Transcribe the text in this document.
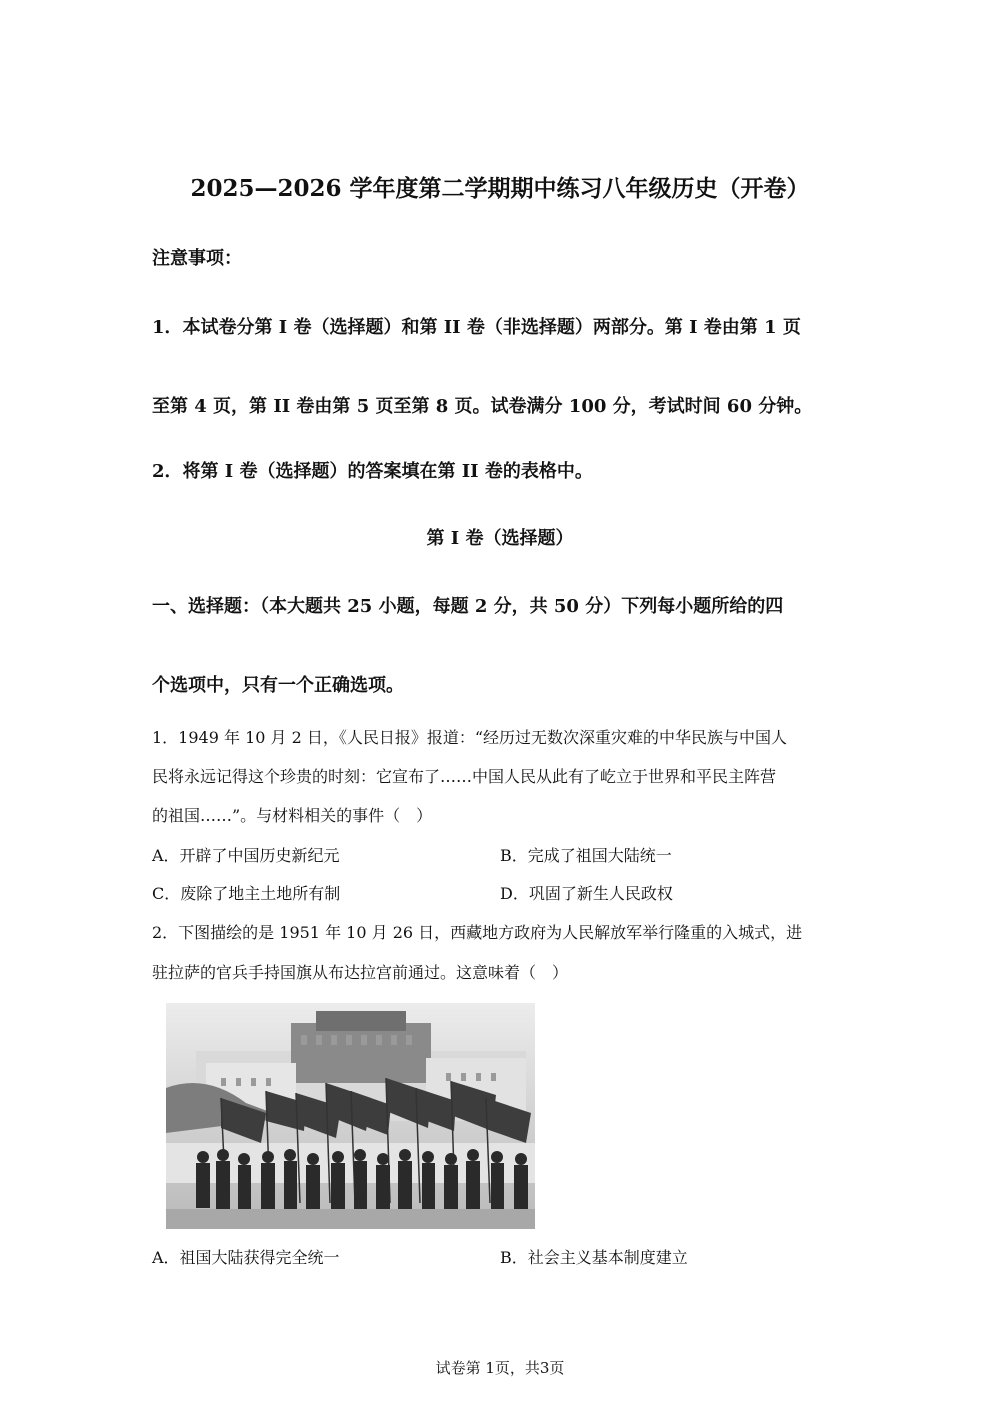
2025—2026 学年度第二学期期中练习八年级历史（开卷）
注意事项：
1．本试卷分第 I 卷（选择题）和第 II 卷（非选择题）两部分。第 I 卷由第 1 页
至第 4 页，第 II 卷由第 5 页至第 8 页。试卷满分 100 分，考试时间 60 分钟。
2．将第 I 卷（选择题）的答案填在第 II 卷的表格中。
第 I 卷（选择题）
一、选择题：（本大题共 25 小题，每题 2 分，共 50 分）下列每小题所给的四
个选项中，只有一个正确选项。
1．1949 年 10 月 2 日，《人民日报》报道：“经历过无数次深重灾难的中华民族与中国人
民将永远记得这个珍贵的时刻：它宣布了……中国人民从此有了屹立于世界和平民主阵营
的祖国……”。与材料相关的事件（　）
A．开辟了中国历史新纪元	B．完成了祖国大陆统一
C．废除了地主土地所有制	D．巩固了新生人民政权
2．下图描绘的是 1951 年 10 月 26 日，西藏地方政府为人民解放军举行隆重的入城式，进
驻拉萨的官兵手持国旗从布达拉宫前通过。这意味着（　）
A．祖国大陆获得完全统一	B．社会主义基本制度建立
试卷第 1页，共3页
